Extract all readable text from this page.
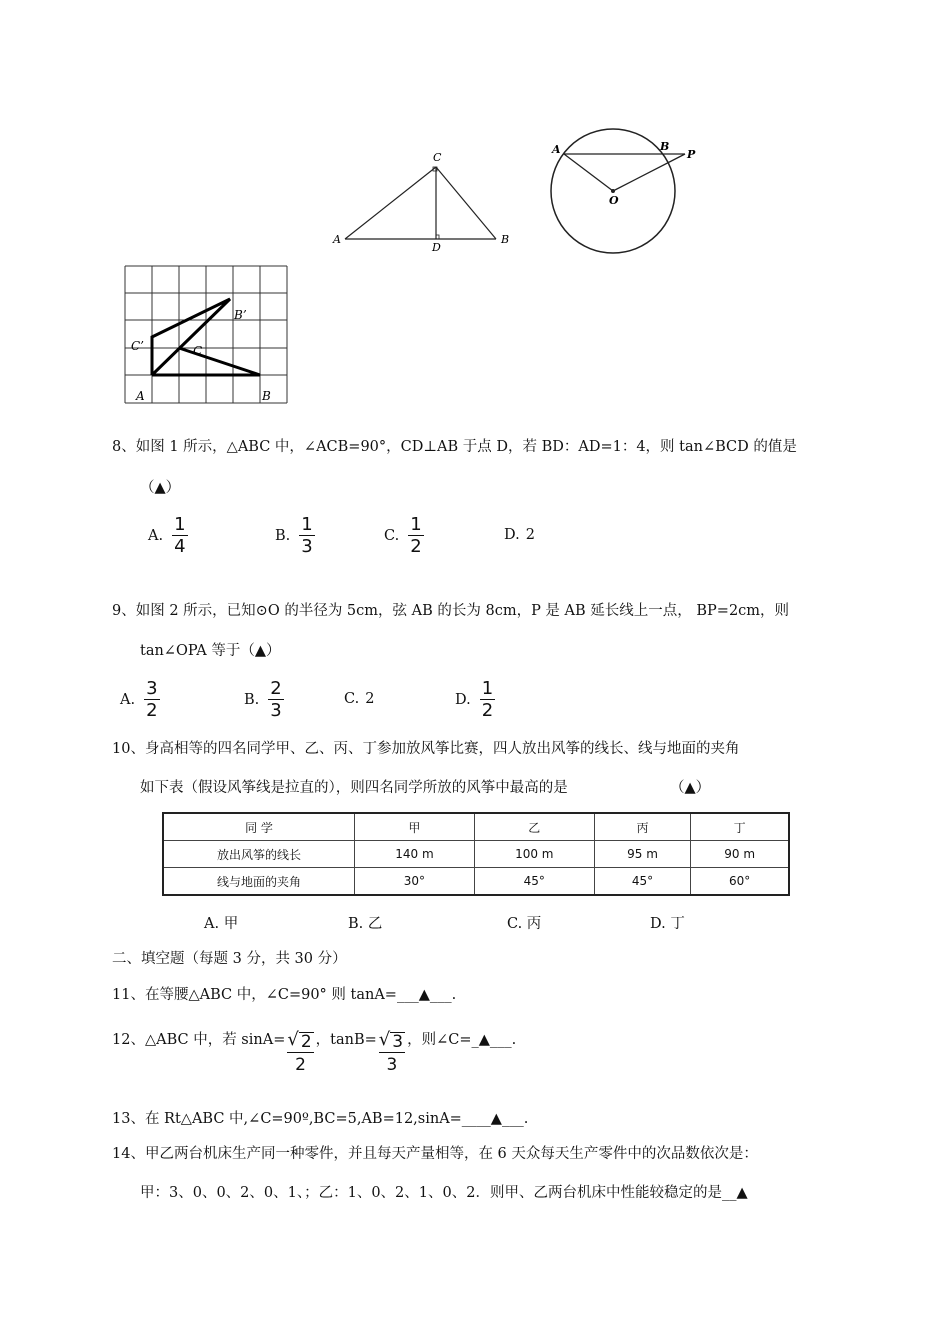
A	B
C
D
A	B
P
O
A	B
B’
C’	C
8、如图 1 所示，△ABC 中，∠ACB=90°，CD⊥AB 于点 D，若 BD：AD=1：4，则 tan∠BCD 的值是
（▲）
A. $\frac{1}{4}$	B. $\frac{1}{3}$	C. $\frac{1}{2}$	D. 2
9、如图 2 所示，已知⊙O 的半径为 5cm，弦 AB 的长为 8cm，P 是 AB 延长线上一点， BP=2cm，则
tan∠OPA 等于（▲）
A. $\frac{3}{2}$	B. $\frac{2}{3}$	C. 2	D. $\frac{1}{2}$
10、身高相等的四名同学甲、乙、丙、丁参加放风筝比赛，四人放出风筝的线长、线与地面的夹角
如下表（假设风筝线是拉直的），则四名同学所放的风筝中最高的是	（▲）
同 学	甲	乙	丙	丁
放出风筝的线长	140 m	100 m	95 m	90 m
线与地面的夹角	30°	45°	45°	60°
A. 甲	B. 乙	C. 丙	D. 丁
二、填空题（每题 3 分，共 30 分）
11、在等腰△ABC 中，∠C=90° 则 tanA=___▲___.
12、△ABC 中，若 $\sin A= \frac{√ 2}{2}$ ，$\tan B= \frac{√ 3}{3}$ ，则∠C=_▲___.
13、在 Rt△ABC 中,∠C=90º,BC=5,AB=12,sinA=____▲___.
14、甲乙两台机床生产同一种零件，并且每天产量相等，在 6 天众每天生产零件中的次品数依次是：
甲：3、0、0、2、0、1、；乙：1、0、2、1、0、2．则甲、乙两台机床中性能较稳定的是__▲
